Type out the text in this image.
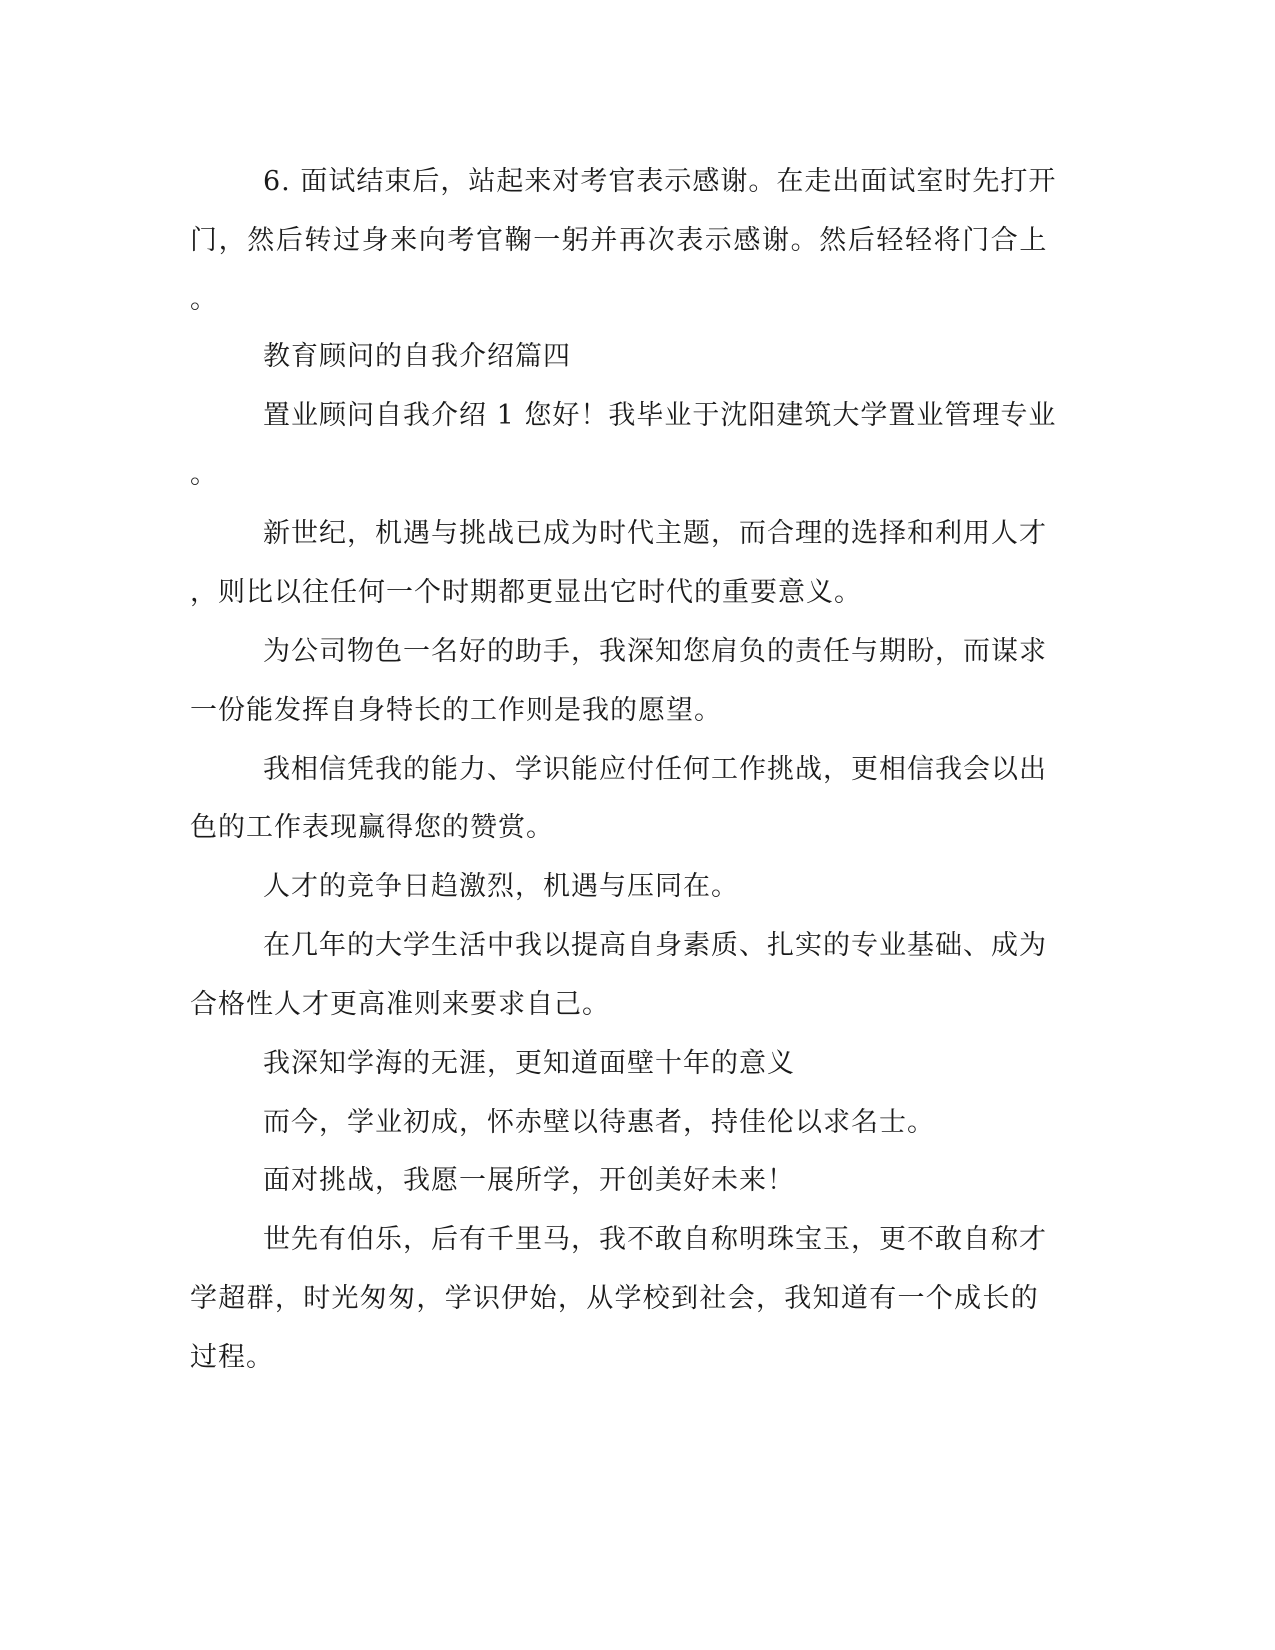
6. 面试结束后，站起来对考官表示感谢。在走出面试室时先打开
门，然后转过身来向考官鞠一躬并再次表示感谢。然后轻轻将门合上
。
教育顾问的自我介绍篇四
置业顾问自我介绍 1 您好！我毕业于沈阳建筑大学置业管理专业
。
新世纪，机遇与挑战已成为时代主题，而合理的选择和利用人才
，则比以往任何一个时期都更显出它时代的重要意义。
为公司物色一名好的助手，我深知您肩负的责任与期盼，而谋求
一份能发挥自身特长的工作则是我的愿望。
我相信凭我的能力、学识能应付任何工作挑战，更相信我会以出
色的工作表现赢得您的赞赏。
人才的竞争日趋激烈，机遇与压同在。
在几年的大学生活中我以提高自身素质、扎实的专业基础、成为
合格性人才更高准则来要求自己。
我深知学海的无涯，更知道面壁十年的意义
而今，学业初成，怀赤壁以待惠者，持佳伦以求名士。
面对挑战，我愿一展所学，开创美好未来！
世先有伯乐，后有千里马，我不敢自称明珠宝玉，更不敢自称才
学超群，时光匆匆，学识伊始，从学校到社会，我知道有一个成长的
过程。
